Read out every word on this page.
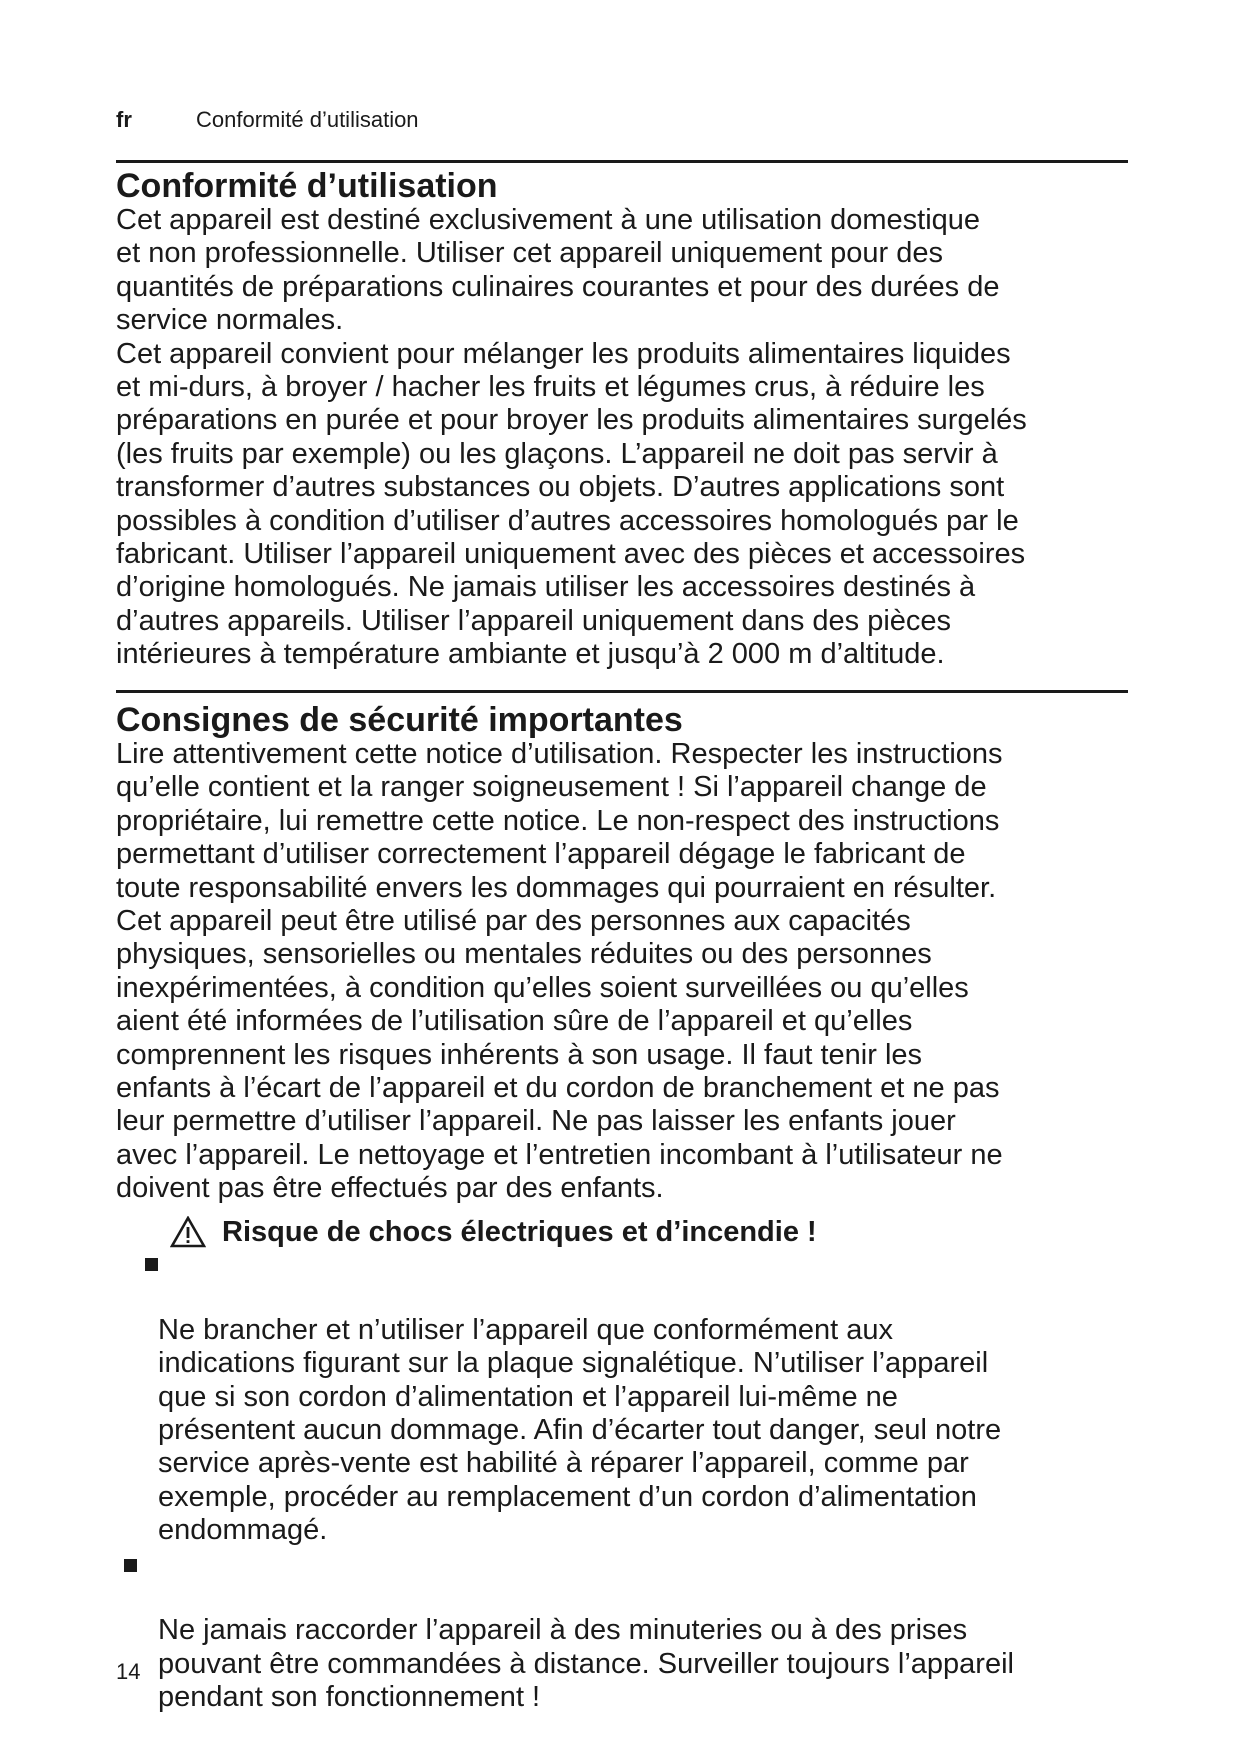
fr	Conformité d’utilisation
Conformité d’utilisation

Cet appareil est destiné exclusivement à une utilisation domestique
et non professionnelle. Utiliser cet appareil uniquement pour des
quantités de préparations culinaires courantes et pour des durées de
service normales.
Cet appareil convient pour mélanger les produits alimentaires liquides
et mi-durs, à broyer / hacher les fruits et légumes crus, à réduire les
préparations en purée et pour broyer les produits alimentaires surgelés
(les fruits par exemple) ou les glaçons. L’appareil ne doit pas servir à
transformer d’autres substances ou objets. D’autres applications sont
possibles à condition d’utiliser d’autres accessoires homologués par le
fabricant. Utiliser l’appareil uniquement avec des pièces et accessoires
d’origine homologués. Ne jamais utiliser les accessoires destinés à
d’autres appareils. Utiliser l’appareil uniquement dans des pièces
intérieures à température ambiante et jusqu’à 2 000 m d’altitude.

Consignes de sécurité importantes

Lire attentivement cette notice d’utilisation. Respecter les instructions
qu’elle contient et la ranger soigneusement ! Si l’appareil change de
propriétaire, lui remettre cette notice. Le non-respect des instructions
permettant d’utiliser correctement l’appareil dégage le fabricant de
toute responsabilité envers les dommages qui pourraient en résulter.
Cet appareil peut être utilisé par des personnes aux capacités
physiques, sensorielles ou mentales réduites ou des personnes
inexpérimentées, à condition qu’elles soient surveillées ou qu’elles
aient été informées de l’utilisation sûre de l’appareil et qu’elles
comprennent les risques inhérents à son usage. Il faut tenir les
enfants à l’écart de l’appareil et du cordon de branchement et ne pas
leur permettre d’utiliser l’appareil. Ne pas laisser les enfants jouer
avec l’appareil. Le nettoyage et l’entretien incombant à l’utilisateur ne
doivent pas être effectués par des enfants.

Risque de chocs électriques et d’incendie !

Ne brancher et n’utiliser l’appareil que conformément aux
indications figurant sur la plaque signalétique. N’utiliser l’appareil
que si son cordon d’alimentation et l’appareil lui-même ne
présentent aucun dommage. Afin d’écarter tout danger, seul notre
service après-vente est habilité à réparer l’appareil, comme par
exemple, procéder au remplacement d’un cordon d’alimentation
endommagé.

Ne jamais raccorder l’appareil à des minuteries ou à des prises
pouvant être commandées à distance. Surveiller toujours l’appareil
pendant son fonctionnement !

14
